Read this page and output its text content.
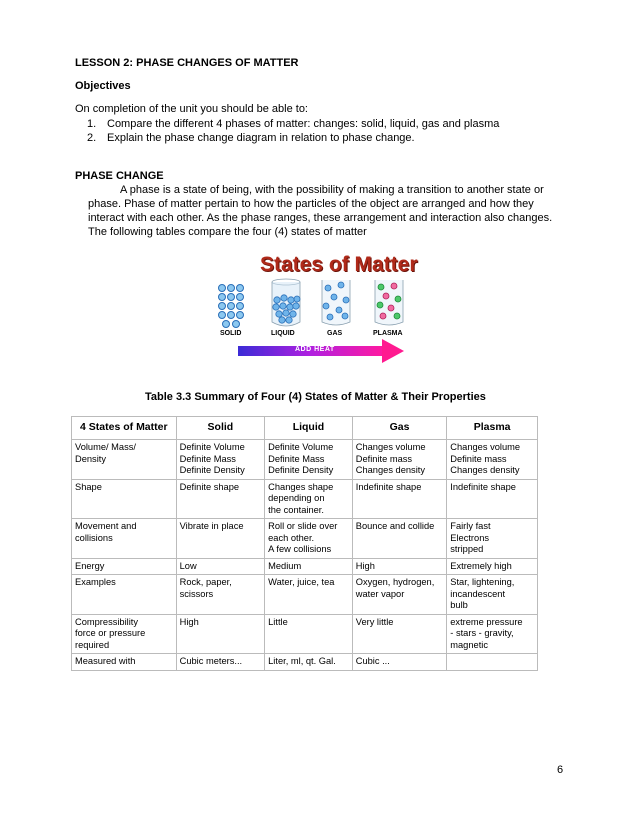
LESSON 2: PHASE CHANGES OF MATTER
Objectives
On completion of the unit you should be able to:
1. Compare the different 4 phases of matter: changes: solid, liquid, gas and plasma
2. Explain the phase change diagram in relation to phase change.
PHASE CHANGE

A phase is a state of being, with the possibility of making a transition to another state or phase. Phase of matter pertain to how the particles of the object are arranged and how they interact with each other. As the phase ranges, these arrangement and interaction also changes. The following tables compare the four (4) states of matter

States of Matter
SOLID	LIQUID	GAS	PLASMA
ADD HEAT
Table 3.3 Summary of Four (4) States of Matter & Their Properties
4 States of Matter	Solid	Liquid	Gas	Plasma
Volume/ Mass/
Density	Definite Volume
Definite Mass
Definite Density	Definite Volume
Definite Mass
Definite Density	Changes volume
Definite mass
Changes density	Changes volume
Definite mass
Changes density
Shape	Definite shape	Changes shape
depending on
the container.	Indefinite shape	Indefinite shape
Movement and
collisions	Vibrate in place	Roll or slide over
each other.
A few collisions	Bounce and collide	Fairly fast
Electrons
stripped
Energy	Low	Medium	High	Extremely high
Examples	Rock, paper,
scissors	Water, juice, tea	Oxygen, hydrogen,
water vapor	Star, lightening,
incandescent
bulb
Compressibility
force or pressure
required	High	Little	Very little	extreme pressure
- stars - gravity,
magnetic
Measured with	Cubic meters...	Liter, ml, qt. Gal.	Cubic ...	
6
